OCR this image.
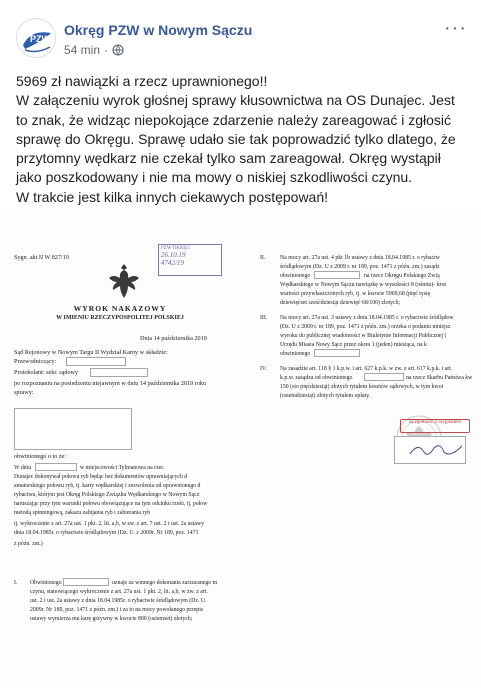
PZW
Okręg PZW w Nowym Sączu
54 min ·
···

5969 zł nawiązki a rzecz uprawnionego!!

W załączeniu wyrok głośnej sprawy kłusownictwa na OS Dunajec. Jest to znak, że widząc niepokojące zdarzenie należy zareagować i zgłosić sprawę do Okręgu. Sprawę udało sie tak poprowadzić tylko dlatego, że przytomny wędkarz nie czekał tylko sam zareagował. Okręg wystąpił jako poszkodowany i nie ma mowy o niskiej szkodliwości czynu.

W trakcie jest kilka innych ciekawych postępowań!

Sygn. akt II W 827/19
PZW OKRĘG
26.10.19
4742/19
WYROK NAKAZOWY
W IMIENIU RZECZYPOSPOLITEJ POLSKIEJ
Dnia 14 października 2019
Sąd Rejonowy w Nowym Targu II Wydział Karny w składzie:
Przewodniczący:
Protokolant: sekr. sądowy
po rozpoznaniu na posiedzeniu niejawnym w dniu 14 października 2019 roku
sprawy:
obwinionego o to że:
W dniu	w miejscowości Tylmanowa na rzec
Dunajec dokonywał połowu ryb będąc bez dokumentów uprawniających d
amatorskiego połowu ryb, tj. karty wędkarskiej i zezwolenia od uprawnionego d
rybactwa, którym jest Okręg Polskiego Związku Wędkarskiego w Nowym Sącz
naruszając przy tym warunki połowu obowiązujące na tym odcinku rzeki, tj. połow
metodą spinningową, zakazu zabijania ryb i zabierania ryb
tj. wykroczenie z art. 27a ust. 1 pkt. 2, lit. a,b, w zw. z art. 7 ust. 2 i ust. 2a ustawy
dnia 18.04.1985r. o rybactwie śródlądowym (Dz. U. z 2009r. Nr 189, poz. 1471
z późn. zm.)
I. Obwinionego	uznaje za winnego dokonania zarzucanego m
czynu, stanowiącego wykroczenie z art. 27a ust. 1 pkt. 2, lit. a,b, w zw. z art.
ust. 2 i ust. 2a ustawy z dnia 18.04.1985r. o rybactwie śródlądowym (Dz. U.
2009r. Nr 189, poz. 1471 z późn. zm.) i za to na mocy powołanego przepis
ustawy wymierza mu karę grzywny w kwocie 800 (osiemset) złotych;
II.	Na mocy art. 27a ust. 4 pkt 1b ustawy z dnia 18.04.1985 r. o rybactw
śródlądowym (Dz. U z 2009 r. nr 189, poz. 1471 z późn. zm.) zasądz
obwinionego	na rzecz Okręgu Polskiego Zwią
Wędkarskiego w Nowym Sączu nawiązkę w wysokości 8 (ośmiu)- krot
wartości przywłaszczonych ryb, tj. w kwocie 5969,68 (pięć tysię
dziewięćset sześćdziesiąt dziewięć 68/100) złotych;
III. Na mocy art. 27a ust. 3 ustawy z dnia 18.04.1985 r. o rybactwie śródlądow
(Dz. U z 2009 r. nr 189, poz. 1471 z późn. zm.) orzeka o podaniu niniejsz
wyroku do publicznej wiadomości w Biuletynie Informacji Publicznej (
Urzędu Miasta Nowy Sącz przez okres 1 (jeden) miesiąca, na k
obwinionego
IV. Na zasadzie art. 118 § 1 k.p.w. i art. 627 k.p.k. w zw. z art. 617 k.p.k. i art.
k.p.w. zasądza od obwinionego	na rzecz Skarbu Państwa kw
150 (sto pięćdziesiąt) złotych tytułem kosztów sądowych, w tym kwot
(osiemdziesiąt) złotych tytułem opłaty.
za zgodność z oryginałem
